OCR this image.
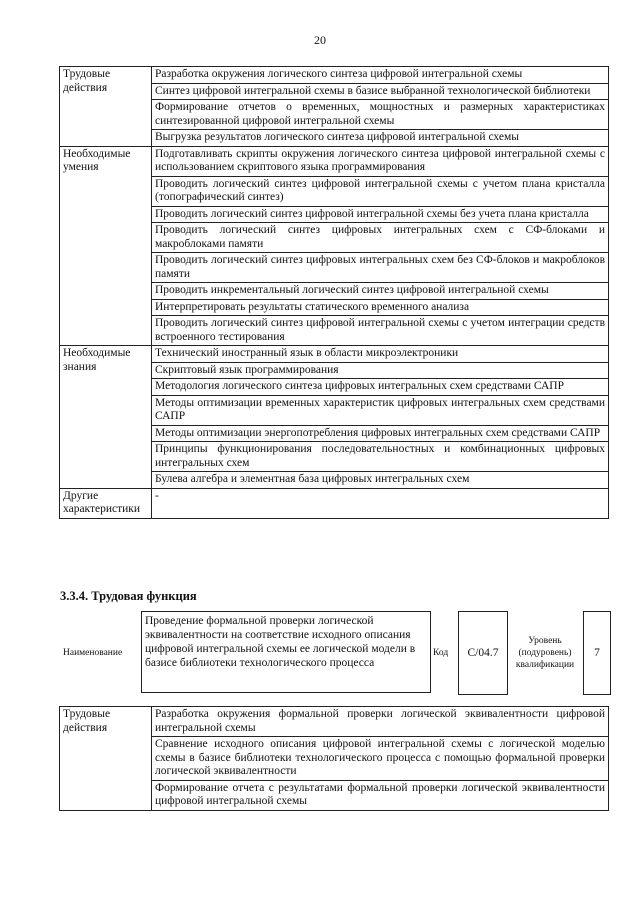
20
Трудовые действия	Разработка окружения логического синтеза цифровой интегральной схемы
	Синтез цифровой интегральной схемы в базисе выбранной технологической библиотеки
	Формирование отчетов о временных, мощностных и размерных характеристиках синтезированной цифровой интегральной схемы
	Выгрузка результатов логического синтеза цифровой интегральной схемы
Необходимые умения	Подготавливать скрипты окружения логического синтеза цифровой интегральной схемы с использованием скриптового языка программирования
	Проводить логический синтез цифровой интегральной схемы с учетом плана кристалла (топографический синтез)
	Проводить логический синтез цифровой интегральной схемы без учета плана кристалла
	Проводить логический синтез цифровых интегральных схем с СФ-блоками и макроблоками памяти
	Проводить логический синтез цифровых интегральных схем без СФ-блоков и макроблоков памяти
	Проводить инкрементальный логический синтез цифровой интегральной схемы
	Интерпретировать результаты статического временного анализа
	Проводить логический синтез цифровой интегральной схемы с учетом интеграции средств встроенного тестирования
Необходимые знания	Технический иностранный язык в области микроэлектроники
	Скриптовый язык программирования
	Методология логического синтеза цифровых интегральных схем средствами САПР
	Методы оптимизации временных характеристик цифровых интегральных схем средствами САПР
	Методы оптимизации энергопотребления цифровых интегральных схем средствами САПР
	Принципы функционирования последовательностных и комбинационных цифровых интегральных схем
	Булева алгебра и элементная база цифровых интегральных схем
Другие характеристики	-
3.3.4. Трудовая функция
Наименование
Проведение формальной проверки логической эквивалентности на соответствие исходного описания цифровой интегральной схемы ее логической модели в базисе библиотеки технологического процесса
Код	C/04.7
Уровень (подуровень) квалификации
7
Трудовые действия	Разработка окружения формальной проверки логической эквивалентности цифровой интегральной схемы
Сравнение исходного описания цифровой интегральной схемы с логической моделью схемы в базисе библиотеки технологического процесса с помощью формальной проверки логической эквивалентности
Формирование отчета с результатами формальной проверки логической эквивалентности цифровой интегральной схемы
